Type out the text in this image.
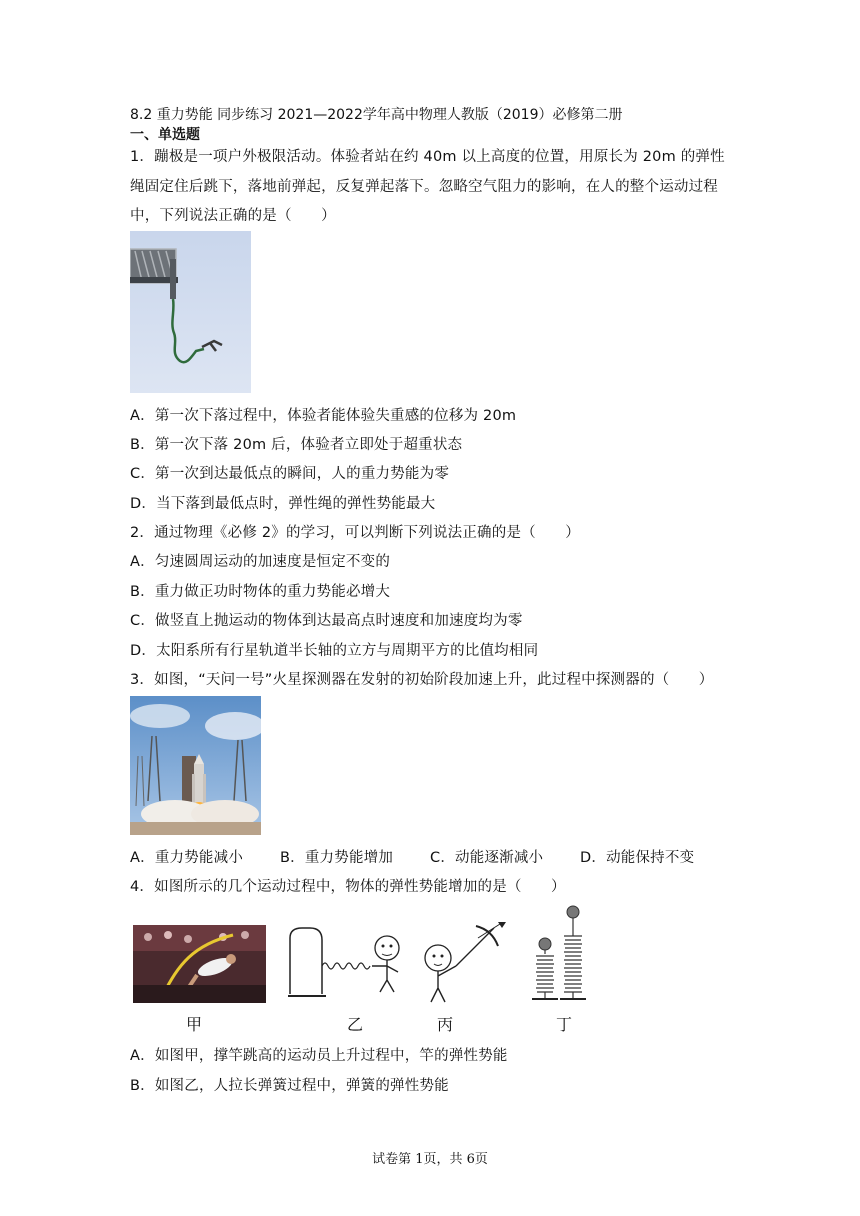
8.2 重力势能 同步练习 2021—2022学年高中物理人教版（2019）必修第二册
一、单选题
1．蹦极是一项户外极限活动。体验者站在约 40m 以上高度的位置，用原长为 20m 的弹性
绳固定住后跳下，落地前弹起，反复弹起落下。忽略空气阻力的影响，在人的整个运动过程
中，下列说法正确的是（　　）
A．第一次下落过程中，体验者能体验失重感的位移为 20m
B．第一次下落 20m 后，体验者立即处于超重状态
C．第一次到达最低点的瞬间，人的重力势能为零
D．当下落到最低点时，弹性绳的弹性势能最大
2．通过物理《必修 2》的学习，可以判断下列说法正确的是（　　）
A．匀速圆周运动的加速度是恒定不变的
B．重力做正功时物体的重力势能必增大
C．做竖直上抛运动的物体到达最高点时速度和加速度均为零
D．太阳系所有行星轨道半长轴的立方与周期平方的比值均相同
3．如图，“天问一号”火星探测器在发射的初始阶段加速上升，此过程中探测器的（　　）
A．重力势能减小	B．重力势能增加	C．动能逐渐减小	D．动能保持不变
4．如图所示的几个运动过程中，物体的弹性势能增加的是（　　）
甲	乙	丙	丁
A．如图甲，撑竿跳高的运动员上升过程中，竿的弹性势能
B．如图乙，人拉长弹簧过程中，弹簧的弹性势能
试卷第 1页，共 6页
